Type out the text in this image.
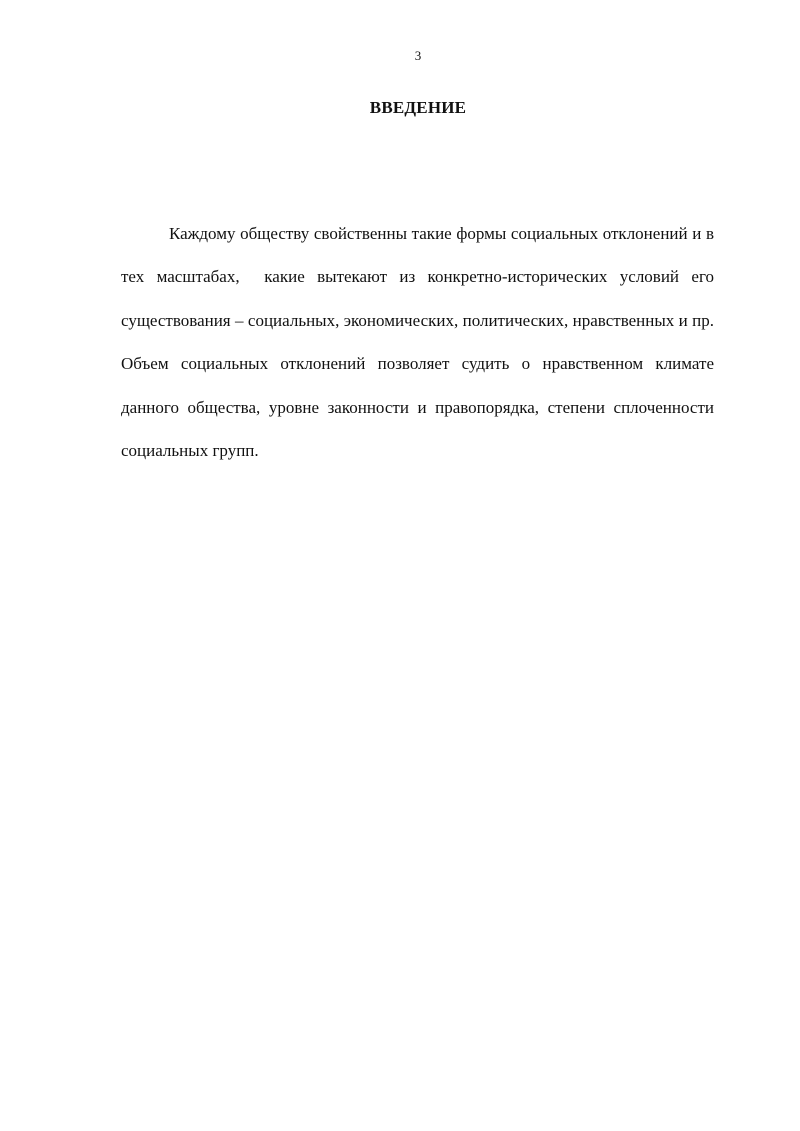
3
ВВЕДЕНИЕ

Каждому обществу свойственны такие формы социальных отклонений и в тех масштабах,  какие вытекают из конкретно-исторических условий его существования – социальных, экономических, политических, нравственных и пр. Объем социальных отклонений позволяет судить о нравственном климате данного общества, уровне законности и правопорядка, степени сплоченности социальных групп.
